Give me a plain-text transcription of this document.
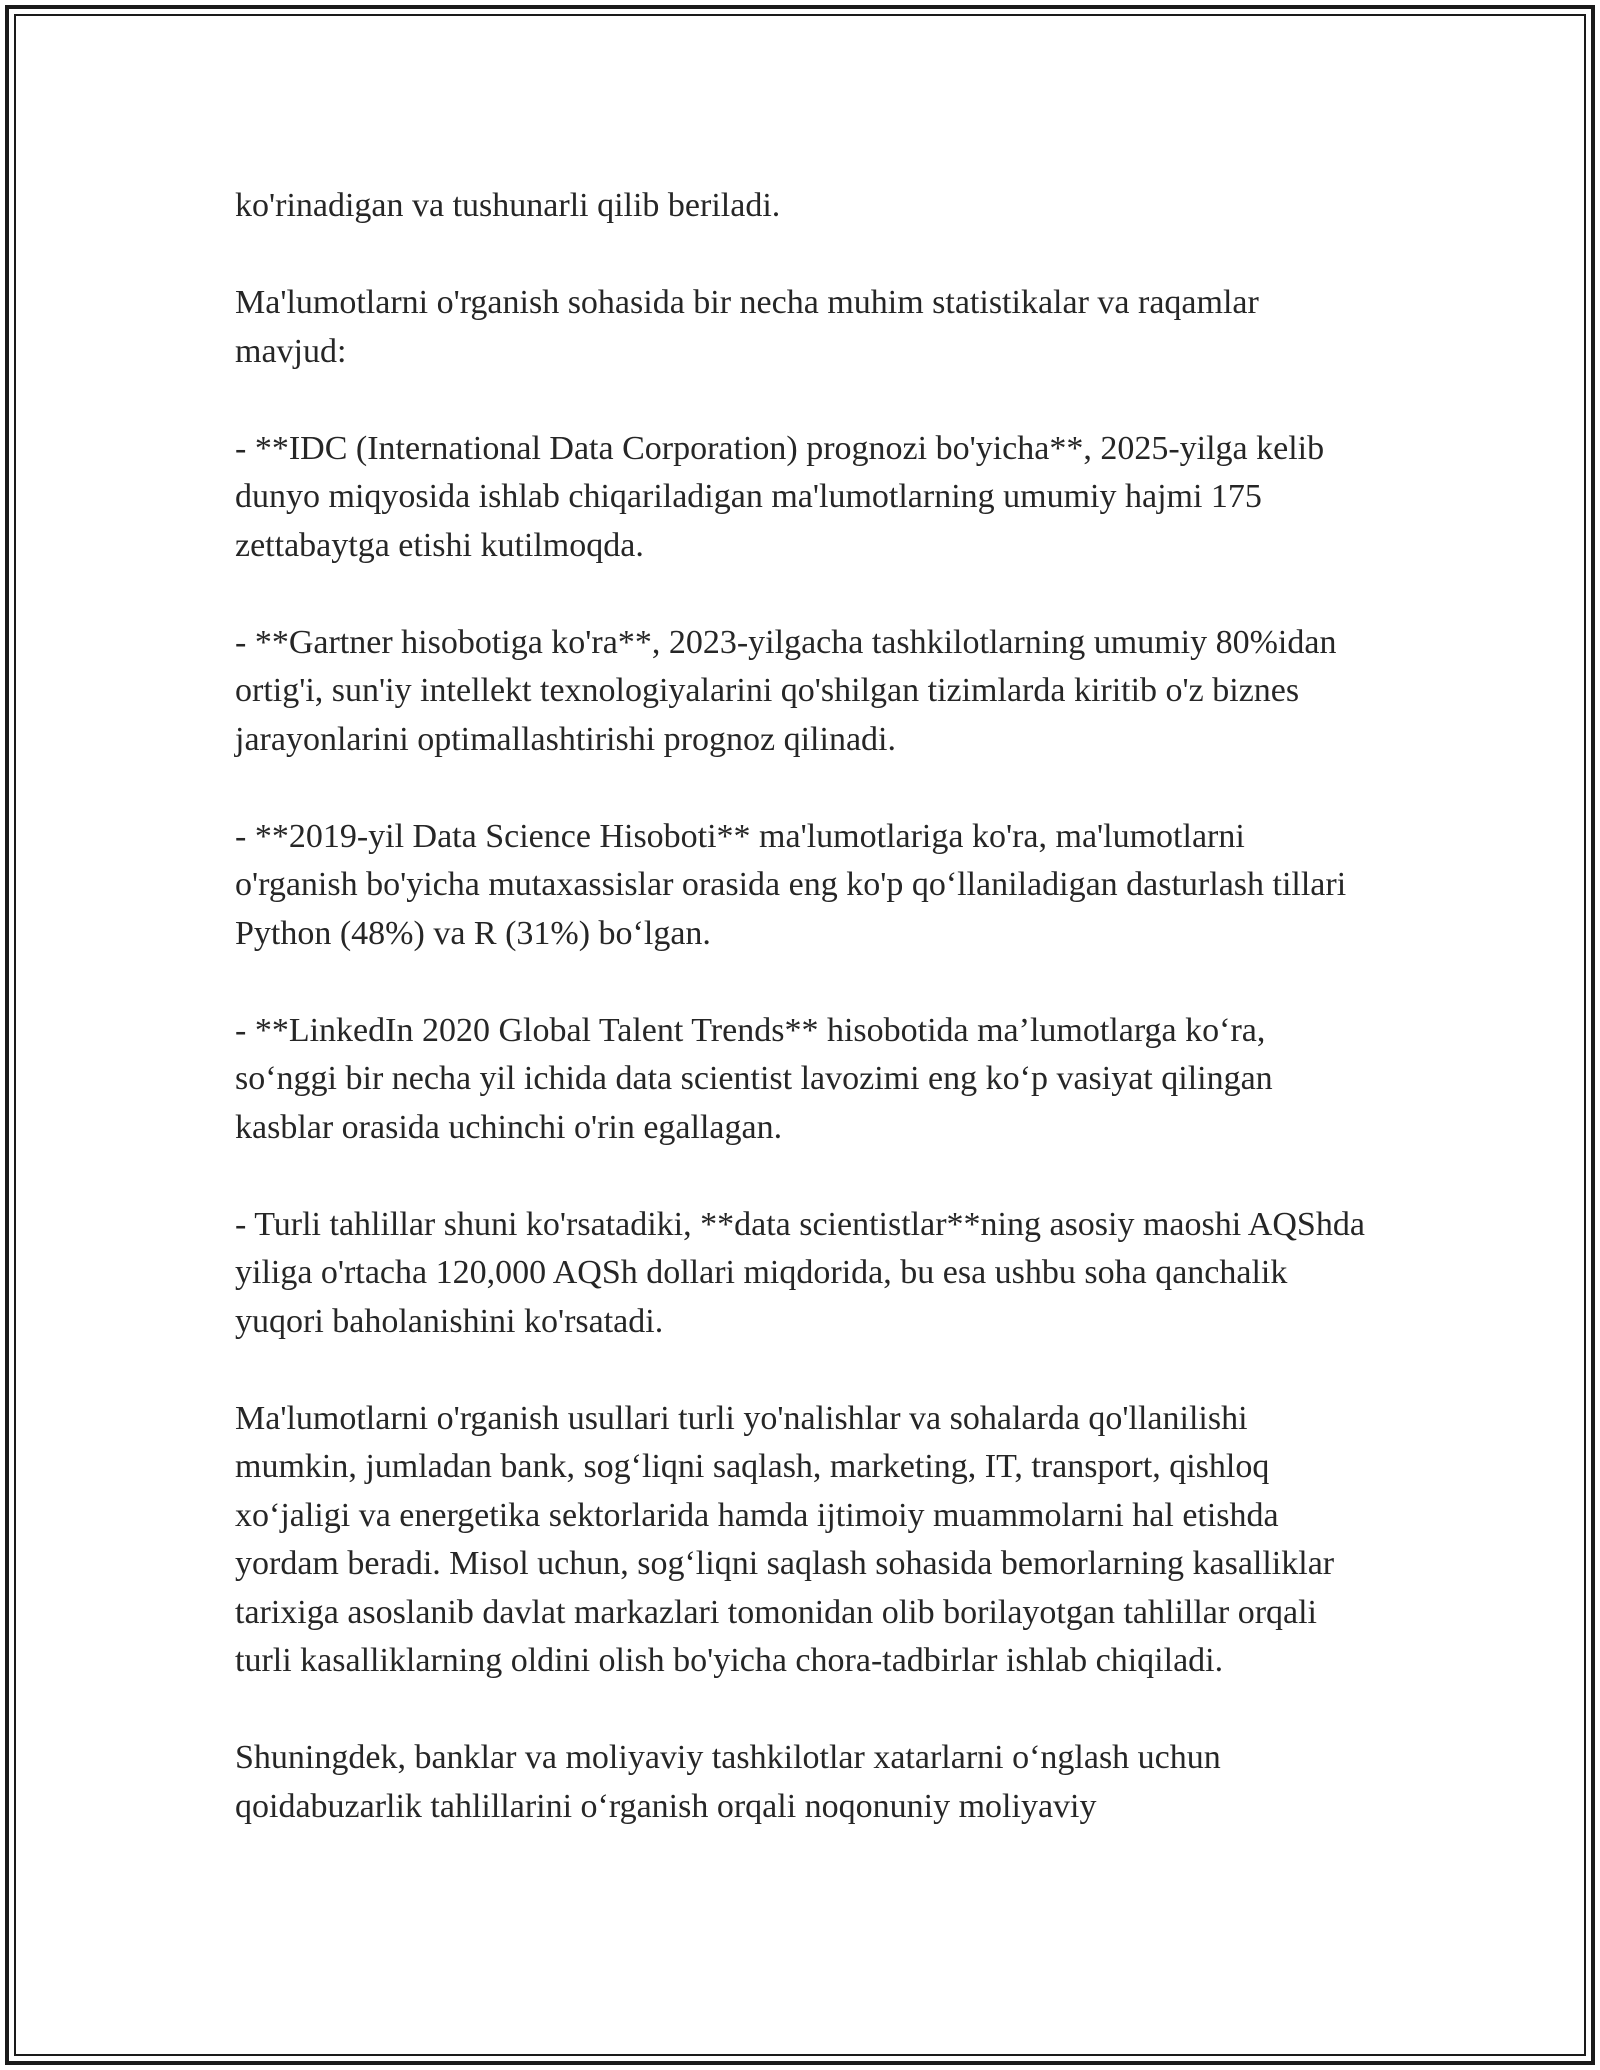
ko'rinadigan va tushunarli qilib beriladi.

Ma'lumotlarni o'rganish sohasida bir necha muhim statistikalar va raqamlar mavjud:

- **IDC (International Data Corporation) prognozi bo'yicha**, 2025-yilga kelib dunyo miqyosida ishlab chiqariladigan ma'lumotlarning umumiy hajmi 175 zettabaytga etishi kutilmoqda.

- **Gartner hisobotiga ko'ra**, 2023-yilgacha tashkilotlarning umumiy 80%idan ortig'i, sun'iy intellekt texnologiyalarini qo'shilgan tizimlarda kiritib o'z biznes jarayonlarini optimallashtirishi prognoz qilinadi.

- **2019-yil Data Science Hisoboti** ma'lumotlariga ko'ra, ma'lumotlarni o'rganish bo'yicha mutaxassislar orasida eng ko'p qo‘llaniladigan dasturlash tillari Python (48%) va R (31%) bo‘lgan.

- **LinkedIn 2020 Global Talent Trends** hisobotida ma’lumotlarga ko‘ra, so‘nggi bir necha yil ichida data scientist lavozimi eng ko‘p vasiyat qilingan kasblar orasida uchinchi o'rin egallagan.

- Turli tahlillar shuni ko'rsatadiki, **data scientistlar**ning asosiy maoshi AQShda yiliga o'rtacha 120,000 AQSh dollari miqdorida, bu esa ushbu soha qanchalik yuqori baholanishini ko'rsatadi.

Ma'lumotlarni o'rganish usullari turli yo'nalishlar va sohalarda qo'llanilishi mumkin, jumladan bank, sog‘liqni saqlash, marketing, IT, transport, qishloq xo‘jaligi va energetika sektorlarida hamda ijtimoiy muammolarni hal etishda yordam beradi. Misol uchun, sog‘liqni saqlash sohasida bemorlarning kasalliklar tarixiga asoslanib davlat markazlari tomonidan olib borilayotgan tahlillar orqali turli kasalliklarning oldini olish bo'yicha chora-tadbirlar ishlab chiqiladi.

Shuningdek, banklar va moliyaviy tashkilotlar xatarlarni o‘nglash uchun qoidabuzarlik tahlillarini o‘rganish orqali noqonuniy moliyaviy
